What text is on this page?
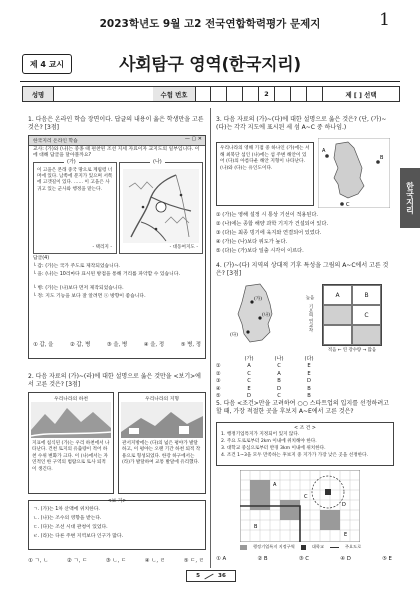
2023학년도 9월 고2 전국연합학력평가 문제지	1
제 4 교시	사회탐구 영역(한국지리)
성명	수험 번호	2	제 [ ] 선택
한국지리
1. 다음은 온라인 학습 장면이다. 답글의 내용이 옳은 학생만을 고른 것은? [3점]
한국지리 온라인 학습	— ▢ ✕
교사: (가)와 (나)는 중종 때 편찬된 조선 지세 자료이자 교지도의 일부입니다. 이에 대해 답글을 달아볼까요?
(가)
이 고을은 본래 중국 땅으로 계립령 너머에 있다. 남쪽에 분지가 있으며 서쪽에 고갯길이 있다. …… 이 고을은 사귀고 있는 군사와 행정을 맡는다.
- 택리지 -
(나)
- 대동여지도 -
답글(4)
└ 갑: (가)는 국가 주도로 제작되었습니다.
└ 을: (나)는 10리마다 표시된 방점을 통해 거리를 파악할 수 있습니다.
└ 병: (가)는 (나)보다 먼저 제작되었습니다.
└ 정: 지도 기능을 보다 잘 알려면 ⓐ 방향이 좋습니다.
① 갑, 을	② 갑, 병	③ 을, 병	④ 을, 정	⑤ 병, 정
2. 다음 자료의 (가)~(라)에 대한 설명으로 옳은 것만을 <보기>에서 고른 것은? [3점]
우리나라의 하천
지표에 침식된 (가)는 우리 하천에서 나타난다. 건천 토지의 유출량이 적어 하천 수위 변화가 크다. 이 (나)에서는 자연적인 한 구역의 범람으로 토사 퇴적이 생긴다.
우리나라의 지형
관서지방에는 (다)의 넓은 평야가 발달하고, 이 평야는 오랜 기간 하천 퇴적 작용으로 형성되었다. 한강 하구에서는 (라)가 발달하여 교통 발달에 유리했다.
<보 기>
ㄱ. (가)는 1차 산맥에 위치한다.
ㄴ. (나)는 조수의 영향을 받는다.
ㄷ. (다)는 조선 시대 관청이 있었다.
ㄹ. (라)는 다른 주변 지역보다 인구가 많다.
① ㄱ, ㄴ	② ㄱ, ㄷ	③ ㄴ, ㄷ	④ ㄴ, ㄹ	⑤ ㄷ, ㄹ
3. 다음 자료의 (가)~(다)에 대한 설명으로 옳은 것은? (단, (가)~(다)는 각각 지도에 표시된 세 섬 A~C 중 하나임.)
우리나라의 영해 기점 중 하나인 (가)에는 서해 최북단 섬인 (나)에는 섬 주변 해안이 있어 (다)의 아름다운 해안 지형이 나타난다. (나)와 (다)는 유인도이다.
A
B
C
① (가)는 영해 설정 시 통상 기선이 적용된다.
② (나)에는 종합 해양 과학 기지가 건설되어 있다.
③ (다)는 최종 빙기에 육지와 연결되어 있었다.
④ (가)는 (나)보다 위도가 높다.
⑤ (다)는 (가)보다 일출 시각이 이르다.
4. (가)~(다) 지역의 상대적 기후 특성을 그림의 A~C에서 고른 것은? [3점]
(가)
(나)
(다)
높음
기온의 연교차
A	B
C
적음 ← 연 강수량 → 많음
(가)	(나)	(다)
①	A	C	E
②	C	A	E
③	C	B	D
④	E	D	B
⑤	D	C	B
5. 다음 <조건>만을 고려하여 ○○ 스타트업의 입지를 선정하려고 할 때, 가장 적절한 곳을 후보지 A~E에서 고른 것은?
< 조 건 >
1. 행정기업특지가 지정되어 있지 않다.
2. 주요 도로로부터 2km 이내에 위치해야 한다.
3. 대학교 중심으로부터 반경 3km 이내에 위치한다.
4. 조건 1~3을 모두 만족하는 후보지 중 지가가 가장 낮은 곳을 선정한다.
A
B
C
D
E
행정기업특지 지정구역	대학교	주요도로
① A	② B	③ C	④ D	⑤ E
5	36
